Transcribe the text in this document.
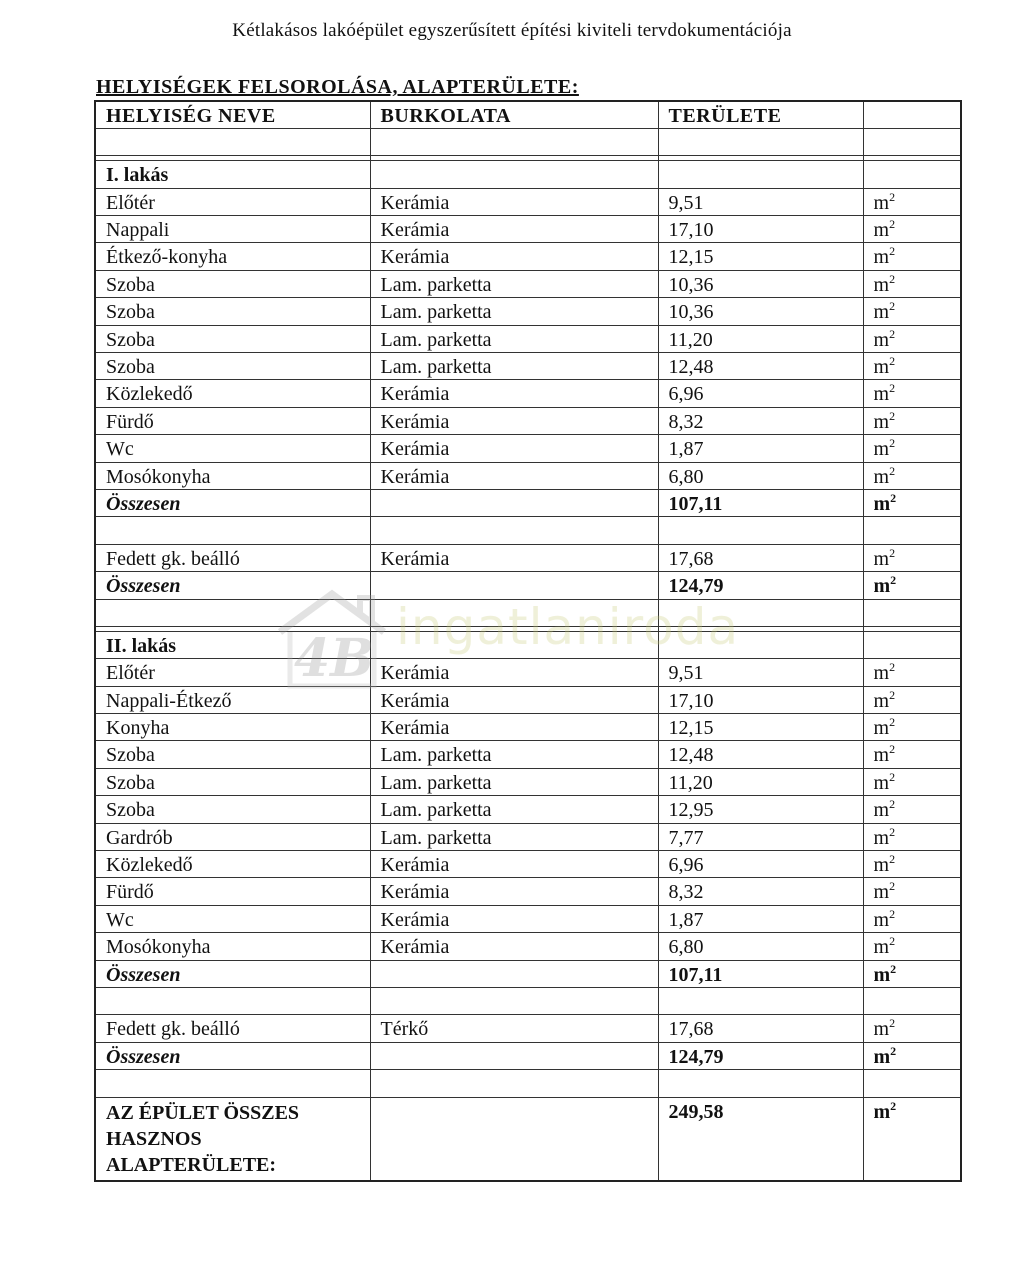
Kétlakásos lakóépület egyszerűsített építési kiviteli tervdokumentációja
HELYISÉGEK FELSOROLÁSA, ALAPTERÜLETE:
HELYISÉG NEVE	BURKOLATA	TERÜLETE	

I. lakás			
Előtér	Kerámia	9,51	$m^2$
Nappali	Kerámia	17,10	$m^2$
Étkező-konyha	Kerámia	12,15	$m^2$
Szoba	Lam. parketta	10,36	$m^2$
Szoba	Lam. parketta	10,36	$m^2$
Szoba	Lam. parketta	11,20	$m^2$
Szoba	Lam. parketta	12,48	$m^2$
Közlekedő	Kerámia	6,96	$m^2$
Fürdő	Kerámia	8,32	$m^2$
Wc	Kerámia	1,87	$m^2$
Mosókonyha	Kerámia	6,80	$m^2$
Összesen		107,11	$m^2$

Fedett gk. beálló	Kerámia	17,68	$m^2$
Összesen		124,79	$m^2$

II. lakás			
Előtér	Kerámia	9,51	$m^2$
Nappali-Étkező	Kerámia	17,10	$m^2$
Konyha	Kerámia	12,15	$m^2$
Szoba	Lam. parketta	12,48	$m^2$
Szoba	Lam. parketta	11,20	$m^2$
Szoba	Lam. parketta	12,95	$m^2$
Gardrób	Lam. parketta	7,77	$m^2$
Közlekedő	Kerámia	6,96	$m^2$
Fürdő	Kerámia	8,32	$m^2$
Wc	Kerámia	1,87	$m^2$
Mosókonyha	Kerámia	6,80	$m^2$
Összesen		107,11	$m^2$

Fedett gk. beálló	Térkő	17,68	$m^2$
Összesen		124,79	$m^2$

AZ ÉPÜLET ÖSSZES
HASZNOS
ALAPTERÜLETE:		249,58	$m^2$
4B
ingatlaniroda
